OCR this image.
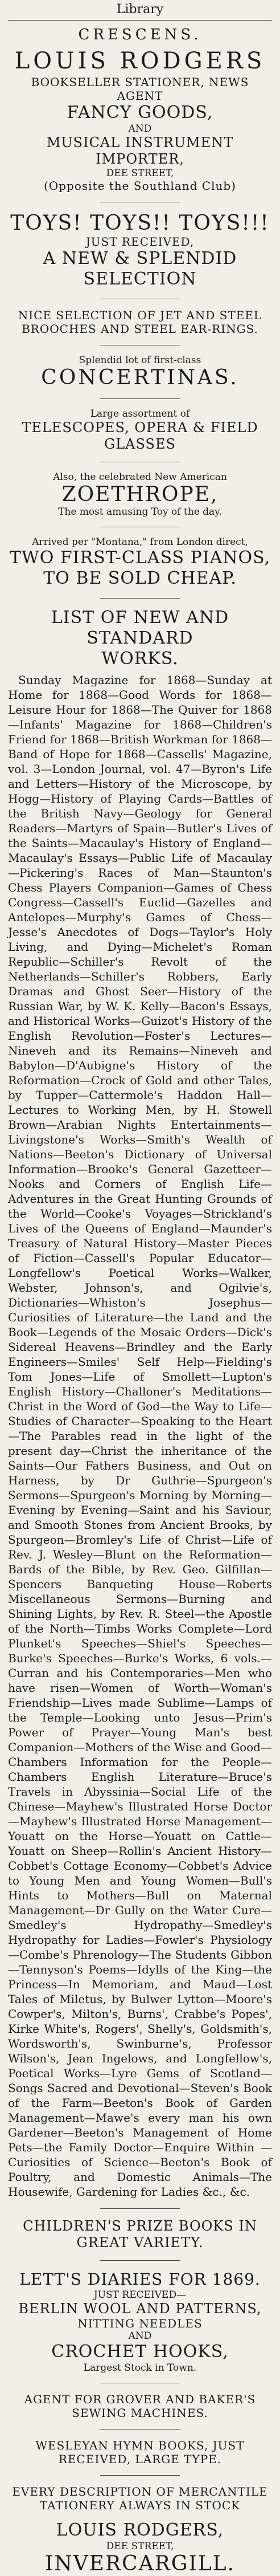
Library
CRESCENS.
LOUIS RODGERS
BOOKSELLER STATIONER, NEWS AGENT
FANCY GOODS,
AND
MUSICAL INSTRUMENT IMPORTER,
DEE STREET,
(Opposite the Southland Club)
TOYS! TOYS!! TOYS!!!
JUST RECEIVED,
A NEW & SPLENDID SELECTION
NICE SELECTION OF JET AND STEEL
BROOCHES AND STEEL EAR-RINGS.
Splendid lot of first-class
CONCERTINAS.
Large assortment of
TELESCOPES, OPERA & FIELD GLASSES
Also, the celebrated New American
ZOETHROPE,
The most amusing Toy of the day.
Arrived per "Montana," from London direct,
TWO FIRST-CLASS PIANOS,
TO BE SOLD CHEAP.
LIST OF NEW AND STANDARD
WORKS.
Sunday Magazine for 1868—Sunday at Home for 1868—Good Words for 1868—Leisure Hour for 1868—The Quiver for 1868—Infants' Magazine for 1868—Children's Friend for 1868—British Workman for 1868—Band of Hope for 1868—Cassells' Magazine, vol. 3—London Journal, vol. 47—Byron's Life and Letters—History of the Microscope, by Hogg—History of Playing Cards—Battles of the British Navy—Geology for General Readers—Martyrs of Spain—Butler's Lives of the Saints—Macaulay's History of England—Macaulay's Essays—Public Life of Macaulay—Pickering's Races of Man—Staunton's Chess Players Companion—Games of Chess Congress—Cassell's Euclid—Gazelles and Antelopes—Murphy's Games of Chess—Jesse's Anecdotes of Dogs—Taylor's Holy Living, and Dying—Michelet's Roman Republic—Schiller's Revolt of the Netherlands—Schiller's Robbers, Early Dramas and Ghost Seer—History of the Russian War, by W. K. Kelly—Bacon's Essays, and Historical Works—Guizot's History of the English Revolution—Foster's Lectures—Nineveh and its Remains—Nineveh and Babylon—D'Aubigne's History of the Reformation—Crock of Gold and other Tales, by Tupper—Cattermole's Haddon Hall—Lectures to Working Men, by H. Stowell Brown—Arabian Nights Entertainments—Livingstone's Works—Smith's Wealth of Nations—Beeton's Dictionary of Universal Information—Brooke's General Gazetteer—Nooks and Corners of English Life—Adventures in the Great Hunting Grounds of the World—Cooke's Voyages—Strickland's Lives of the Queens of England—Maunder's Treasury of Natural History—Master Pieces of Fiction—Cassell's Popular Educator—Longfellow's Poetical Works—Walker, Webster, Johnson's, and Ogilvie's, Dictionaries—Whiston's Josephus—Curiosities of Literature—the Land and the Book—Legends of the Mosaic Orders—Dick's Sidereal Heavens—Brindley and the Early Engineers—Smiles' Self Help—Fielding's Tom Jones—Life of Smollett—Lupton's English History—Challoner's Meditations—Christ in the Word of God—the Way to Life—Studies of Character—Speaking to the Heart—The Parables read in the light of the present day—Christ the inheritance of the Saints—Our Fathers Business, and Out on Harness, by Dr Guthrie—Spurgeon's Sermons—Spurgeon's Morning by Morning—Evening by Evening—Saint and his Saviour, and Smooth Stones from Ancient Brooks, by Spurgeon—Bromley's Life of Christ—Life of Rev. J. Wesley—Blunt on the Reformation—Bards of the Bible, by Rev. Geo. Gilfillan—Spencers Banqueting House—Roberts Miscellaneous Sermons—Burning and Shining Lights, by Rev. R. Steel—the Apostle of the North—Timbs Works Complete—Lord Plunket's Speeches—Shiel's Speeches—Burke's Speeches—Burke's Works, 6 vols.—Curran and his Contemporaries—Men who have risen—Women of Worth—Woman's Friendship—Lives made Sublime—Lamps of the Temple—Looking unto Jesus—Prim's Power of Prayer—Young Man's best Companion—Mothers of the Wise and Good—Chambers Information for the People—Chambers English Literature—Bruce's Travels in Abyssinia—Social Life of the Chinese—Mayhew's Illustrated Horse Doctor—Mayhew's Illustrated Horse Management—Youatt on the Horse—Youatt on Cattle—Youatt on Sheep—Rollin's Ancient History—Cobbet's Cottage Economy—Cobbet's Advice to Young Men and Young Women—Bull's Hints to Mothers—Bull on Maternal Management—Dr Gully on the Water Cure—Smedley's Hydropathy—Smedley's Hydropathy for Ladies—Fowler's Physiology—Combe's Phrenology—The Students Gibbon—Tennyson's Poems—Idylls of the King—the Princess—In Memoriam, and Maud—Lost Tales of Miletus, by Bulwer Lytton—Moore's Cowper's, Milton's, Burns', Crabbe's Popes', Kirke White's, Rogers', Shelly's, Goldsmith's, Wordsworth's, Swinburne's, Professor Wilson's, Jean Ingelows, and Longfellow's, Poetical Works—Lyre Gems of Scotland—Songs Sacred and Devotional—Steven's Book of the Farm—Beeton's Book of Garden Management—Mawe's every man his own Gardener—Beeton's Management of Home Pets—the Family Doctor—Enquire Within — Curiosities of Science—Beeton's Book of Poultry, and Domestic Animals—The Housewife, Gardening for Ladies &c., &c.
CHILDREN'S PRIZE BOOKS IN GREAT VARIETY.
LETT'S DIARIES FOR 1869.
JUST RECEIVED—
BERLIN WOOL AND PATTERNS,
NITTING NEEDLES
AND
CROCHET HOOKS,
Largest Stock in Town.
AGENT FOR GROVER AND BAKER'S SEWING MACHINES.
WESLEYAN HYMN BOOKS, JUST RECEIVED, LARGE TYPE.
EVERY DESCRIPTION OF MERCANTILE TATIONERY ALWAYS IN STOCK
LOUIS RODGERS,
DEE STREET,
INVERCARGILL.
